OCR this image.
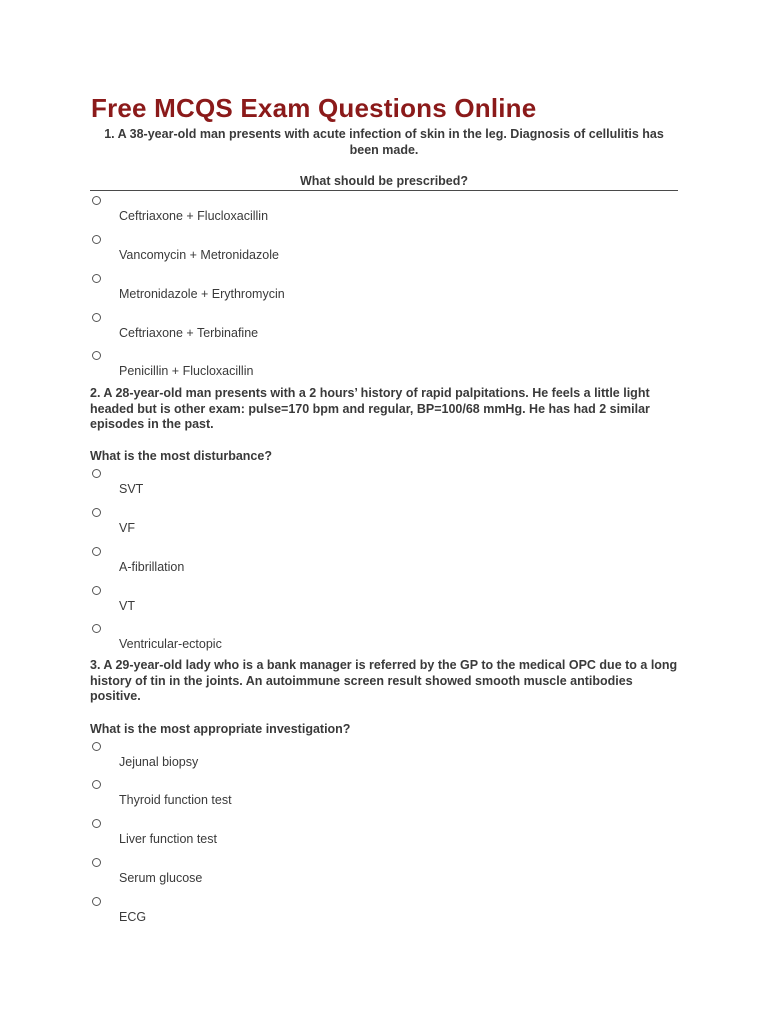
Free MCQS Exam Questions Online
1. A 38-year-old man presents with acute infection of skin in the leg. Diagnosis of cellulitis has been made.
What should be prescribed?
Ceftriaxone + Flucloxacillin
Vancomycin + Metronidazole
Metronidazole + Erythromycin
Ceftriaxone + Terbinafine
Penicillin + Flucloxacillin
2. A 28-year-old man presents with a 2 hours’ history of rapid palpitations. He feels a little light headed but is other exam: pulse=170 bpm and regular, BP=100/68 mmHg. He has had 2 similar episodes in the past.
What is the most disturbance?
SVT
VF
A-fibrillation
VT
Ventricular-ectopic
3. A 29-year-old lady who is a bank manager is referred by the GP to the medical OPC due to a long history of tin in the joints. An autoimmune screen result showed smooth muscle antibodies positive.
What is the most appropriate investigation?
Jejunal biopsy
Thyroid function test
Liver function test
Serum glucose
ECG
